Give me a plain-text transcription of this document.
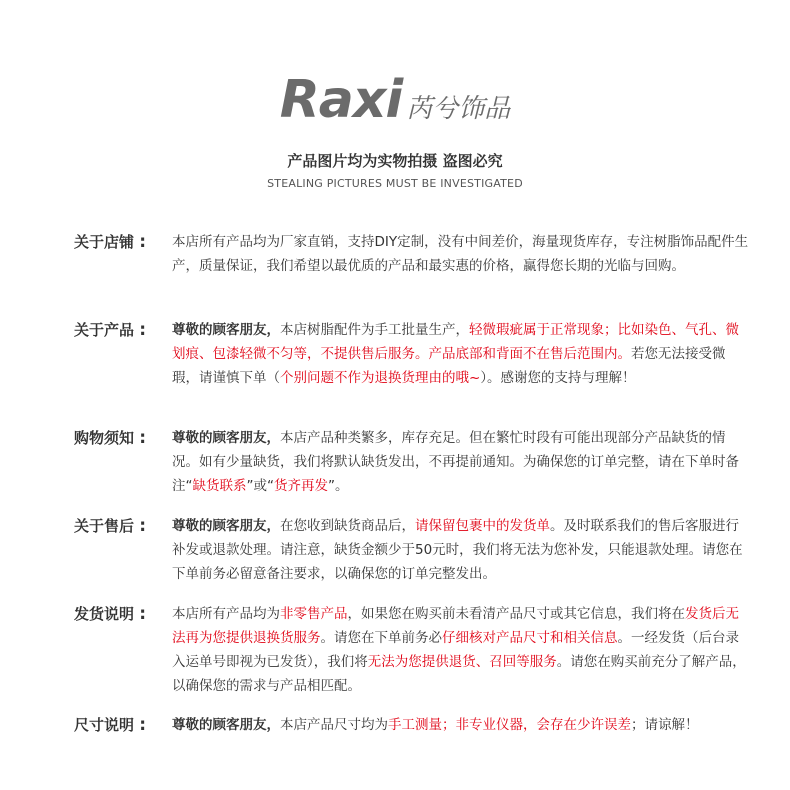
Raxi 芮兮饰品
产品图片均为实物拍摄 盗图必究
STEALING PICTURES MUST BE INVESTIGATED
关于店铺 :	本店所有产品均为厂家直销，支持DIY定制，没有中间差价，海量现货库存，专注树脂饰品配件生产，质量保证，我们希望以最优质的产品和最实惠的价格，赢得您长期的光临与回购。
关于产品 :	尊敬的顾客朋友，本店树脂配件为手工批量生产，轻微瑕疵属于正常现象；比如染色、气孔、微划痕、包漆轻微不匀等，不提供售后服务。产品底部和背面不在售后范围内。若您无法接受微瑕，请谨慎下单（个别问题不作为退换货理由的哦~）。感谢您的支持与理解！
购物须知 :	尊敬的顾客朋友，本店产品种类繁多，库存充足。但在繁忙时段有可能出现部分产品缺货的情况。如有少量缺货，我们将默认缺货发出，不再提前通知。为确保您的订单完整，请在下单时备注“缺货联系”或“货齐再发”。
关于售后 :	尊敬的顾客朋友，在您收到缺货商品后，请保留包裹中的发货单。及时联系我们的售后客服进行补发或退款处理。请注意，缺货金额少于50元时，我们将无法为您补发，只能退款处理。请您在下单前务必留意备注要求，以确保您的订单完整发出。
发货说明 :	本店所有产品均为非零售产品，如果您在购买前未看清产品尺寸或其它信息，我们将在发货后无法再为您提供退换货服务。请您在下单前务必仔细核对产品尺寸和相关信息。一经发货（后台录入运单号即视为已发货），我们将无法为您提供退货、召回等服务。请您在购买前充分了解产品，以确保您的需求与产品相匹配。
尺寸说明 :	尊敬的顾客朋友，本店产品尺寸均为手工测量；非专业仪器，会存在少许误差；请谅解！
